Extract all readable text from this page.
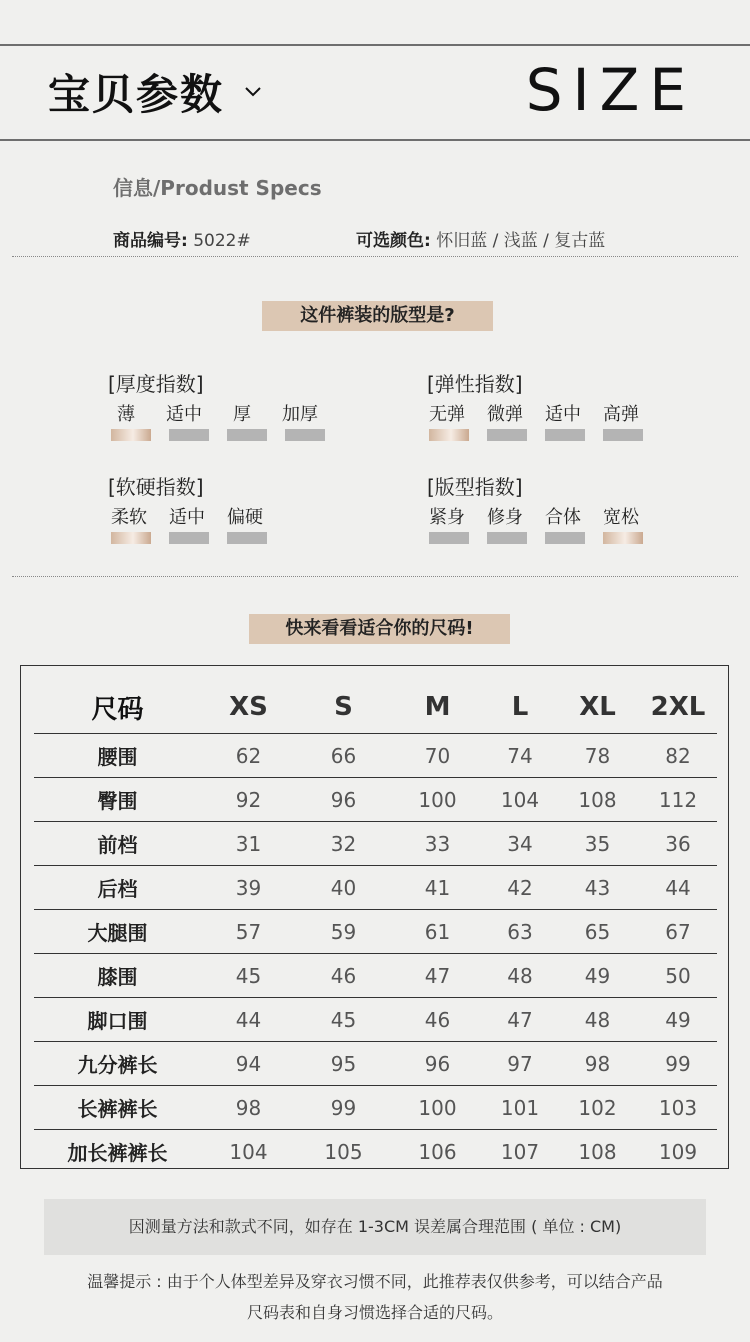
宝贝参数	SIZE
信息/Produst Specs
商品编号: 5022#	可选颜色: 怀旧蓝 / 浅蓝 / 复古蓝
这件裤装的版型是?
[厚度指数]
薄	适中	厚	加厚
[弹性指数]
无弹	微弹	适中	高弹
[软硬指数]
柔软	适中	偏硬
[版型指数]
紧身	修身	合体	宽松
快来看看适合你的尺码!
尺码	XS	S	M	L	XL	2XL
腰围	62	66	70	74	78	82
臀围	92	96	100	104	108	112
前档	31	32	33	34	35	36
后档	39	40	41	42	43	44
大腿围	57	59	61	63	65	67
膝围	45	46	47	48	49	50
脚口围	44	45	46	47	48	49
九分裤长	94	95	96	97	98	99
长裤裤长	98	99	100	101	102	103
加长裤裤长	104	105	106	107	108	109
因测量方法和款式不同，如存在 1-3CM 误差属合理范围 ( 单位 : CM)
温馨提示 : 由于个人体型差异及穿衣习惯不同，此推荐表仅供参考，可以结合产品
尺码表和自身习惯选择合适的尺码。
